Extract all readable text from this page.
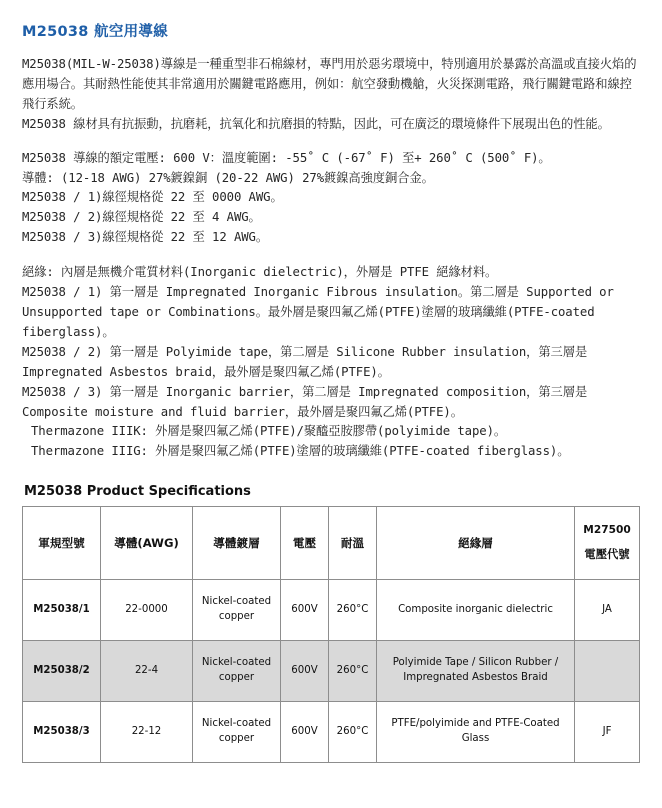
M25038 航空用導線

M25038(MIL-W-25038)導線是一種重型非石棉線材，專門用於惡劣環境中，特別適用於暴露於高溫或直接火焰的應用場合。其耐熱性能使其非常適用於關鍵電路應用，例如：航空發動機艙，火災探測電路，飛行關鍵電路和線控飛行系統。

M25038 線材具有抗振動，抗磨耗，抗氧化和抗磨損的特點，因此，可在廣泛的環境條件下展現出色的性能。

M25038 導線的額定電壓: 600 V：溫度範圍: -55˚ C (-67˚ F) 至+ 260˚ C (500˚ F)。

導體: (12-18 AWG) 27%鍍鎳銅 (20-22 AWG) 27%鍍鎳高強度銅合金。

M25038 / 1)線徑規格從 22 至 0000 AWG。

M25038 / 2)線徑規格從 22 至 4 AWG。

M25038 / 3)線徑規格從 22 至 12 AWG。

絕緣: 內層是無機介電質材料(Inorganic dielectric)，外層是 PTFE 絕緣材料。

M25038 / 1) 第一層是 Impregnated Inorganic Fibrous insulation。第二層是 Supported or Unsupported tape or Combinations。最外層是聚四氟乙烯(PTFE)塗層的玻璃纖維(PTFE-coated fiberglass)。

M25038 / 2) 第一層是 Polyimide tape，第二層是 Silicone Rubber insulation，第三層是 Impregnated Asbestos braid，最外層是聚四氟乙烯(PTFE)。

M25038 / 3) 第一層是 Inorganic barrier，第二層是 Impregnated composition，第三層是 Composite moisture and fluid barrier，最外層是聚四氟乙烯(PTFE)。

Thermazone IIIK: 外層是聚四氟乙烯(PTFE)/聚醯亞胺膠帶(polyimide tape)。

Thermazone IIIG: 外層是聚四氟乙烯(PTFE)塗層的玻璃纖維(PTFE-coated fiberglass)。

M25038 Product Specifications
軍規型號	導體(AWG)	導體鍍層	電壓	耐溫	絕緣層	M27500
電壓代號

M25038/1	22-0000	Nickel-coated
copper	600V	260°C	Composite inorganic dielectric	JA
M25038/2	22-4	Nickel-coated
copper	600V	260°C	Polyimide Tape / Silicon Rubber /
Impregnated Asbestos Braid	

M25038/3	22-12	Nickel-coated
copper	600V	260°C	PTFE/polyimide and PTFE-Coated
Glass	JF
